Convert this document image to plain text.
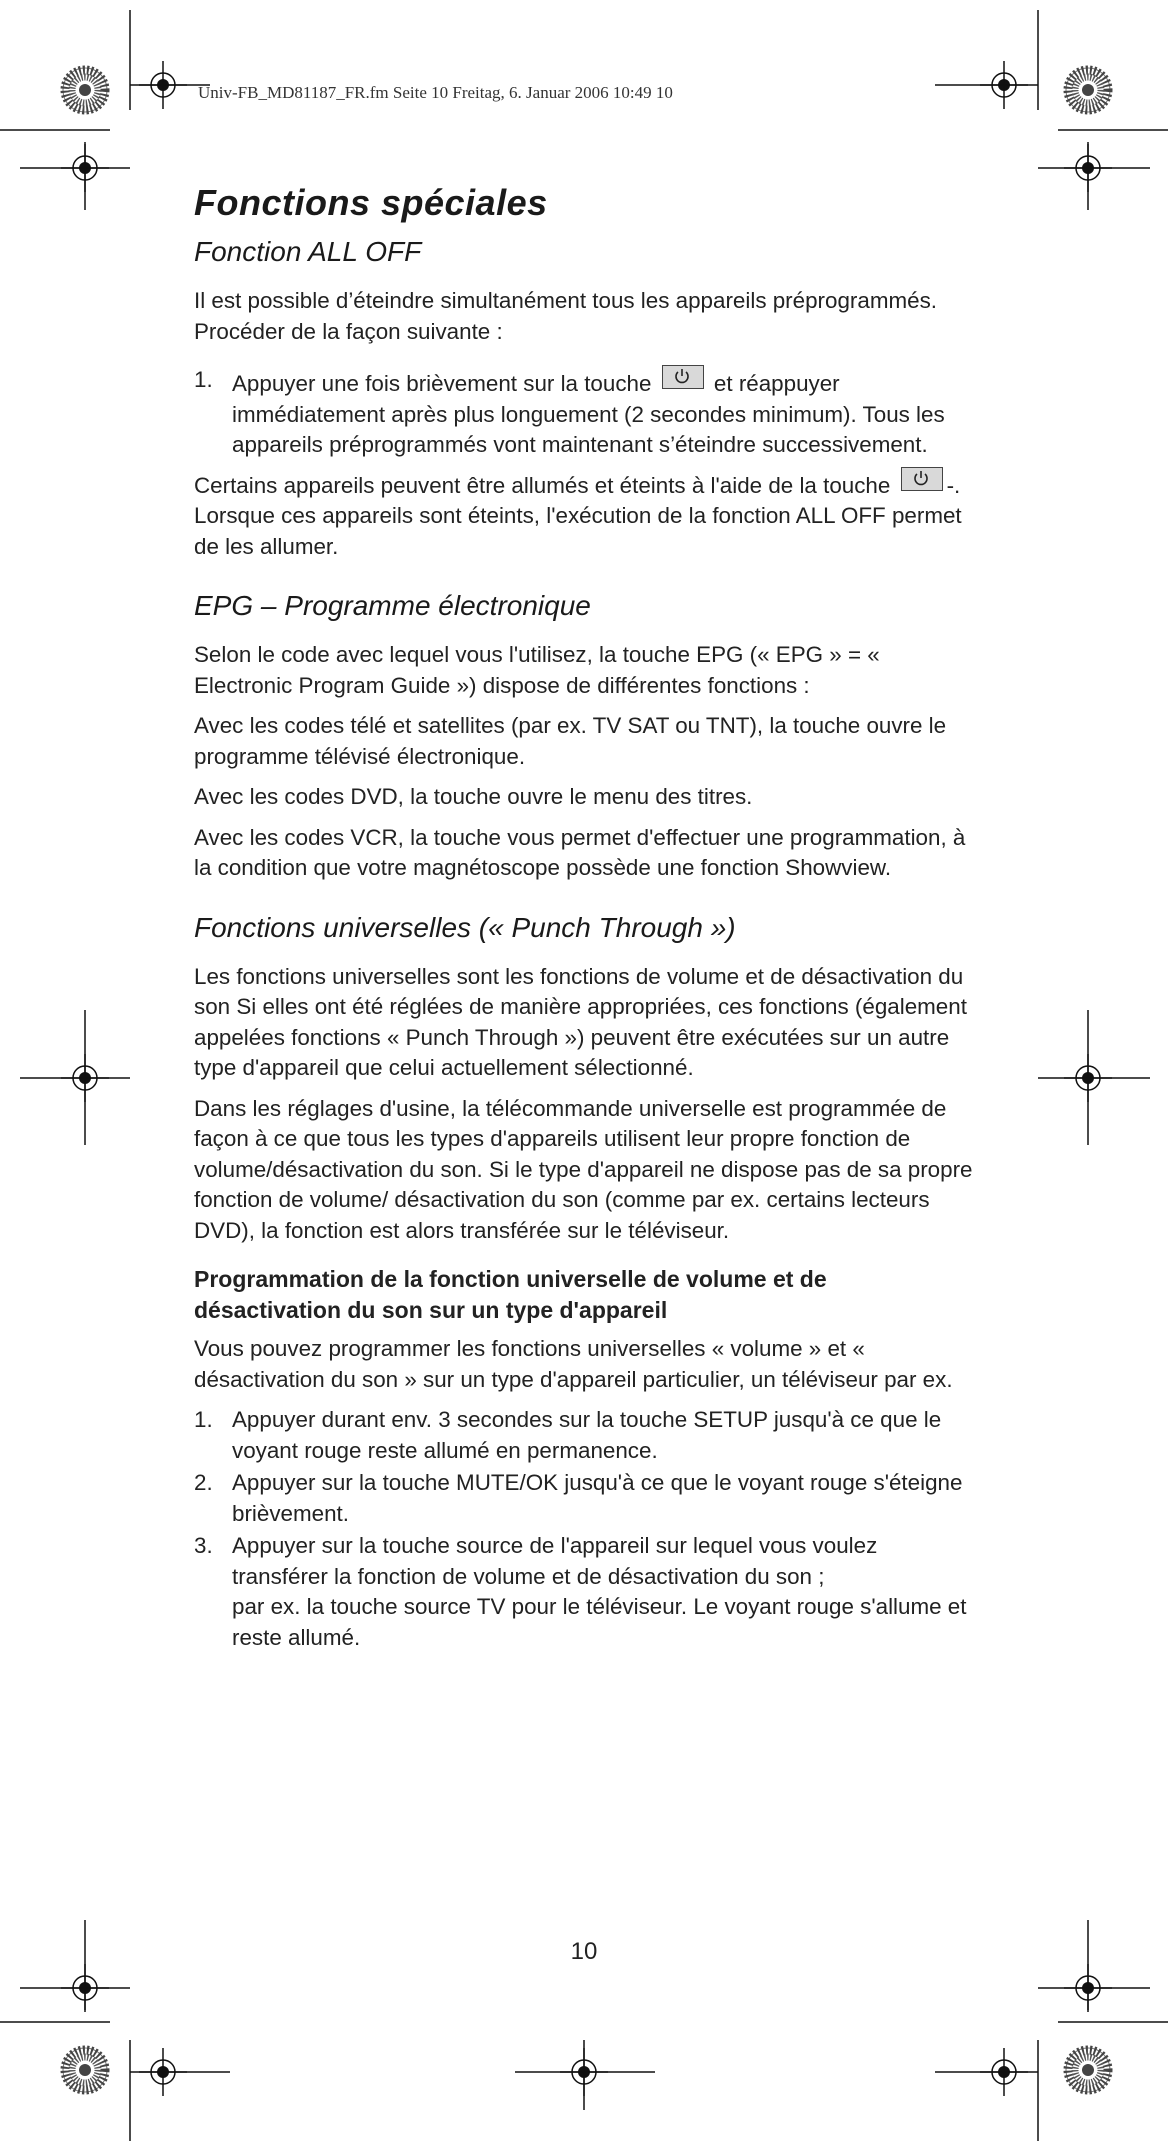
Univ-FB_MD81187_FR.fm Seite 10 Freitag, 6. Januar 2006 10:49 10
Fonctions spéciales
Fonction ALL OFF

Il est possible d’éteindre simultanément tous les appareils préprogrammés. Procéder de la façon suivante :

1. Appuyer une fois brièvement sur la touche	et réappuyer immédiatement après plus longuement (2 secondes minimum). Tous les appareils préprogrammés vont maintenant s’éteindre successivement.

Certains appareils peuvent être allumés et éteints à l'aide de la touche	-. Lorsque ces appareils sont éteints, l'exécution de la fonction ALL OFF permet de les allumer.

EPG – Programme électronique

Selon le code avec lequel vous l'utilisez, la touche EPG (« EPG » = « Electronic Program Guide ») dispose de différentes fonctions :

Avec les codes télé et satellites (par ex. TV SAT ou TNT), la touche ouvre le programme télévisé électronique.

Avec les codes DVD, la touche ouvre le menu des titres.

Avec les codes VCR, la touche vous permet d'effectuer une programmation, à la condition que votre magnétoscope possède une fonction Showview.

Fonctions universelles (« Punch Through »)

Les fonctions universelles sont les fonctions de volume et de désactivation du son Si elles ont été réglées de manière appropriées, ces fonctions (également appelées fonctions « Punch Through ») peuvent être exécutées sur un autre type d'appareil que celui actuellement sélectionné.

Dans les réglages d'usine, la télécommande universelle est programmée de façon à ce que tous les types d'appareils utilisent leur propre fonction de volume/désactivation du son. Si le type d'appareil ne dispose pas de sa propre fonction de volume/ désactivation du son (comme par ex. certains lecteurs DVD), la fonction est alors transférée sur le téléviseur.

Programmation de la fonction universelle de volume et de désactivation du son sur un type d'appareil

Vous pouvez programmer les fonctions universelles « volume » et « désactivation du son » sur un type d'appareil particulier, un téléviseur par ex.

1. Appuyer durant env. 3 secondes sur la touche SETUP jusqu'à ce que le voyant rouge reste allumé en permanence.
2. Appuyer sur la touche MUTE/OK jusqu'à ce que le voyant rouge s'éteigne brièvement.
3. Appuyer sur la touche source de l'appareil sur lequel vous voulez transférer la fonction de volume et de désactivation du son ;
par ex. la touche source TV pour le téléviseur. Le voyant rouge s'allume et reste allumé.
10
